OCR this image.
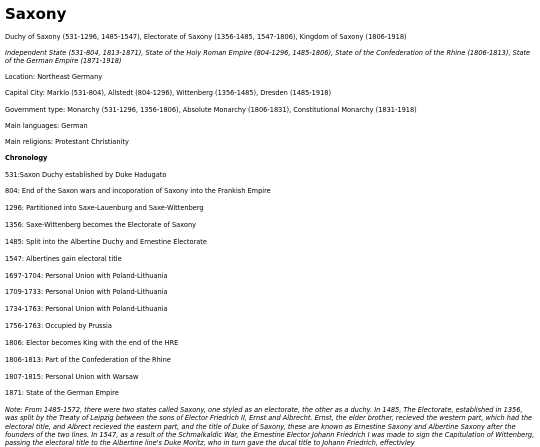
Saxony

Duchy of Saxony (531-1296, 1485-1547), Electorate of Saxony (1356-1485, 1547-1806), Kingdom of Saxony (1806-1918)

Independent State (531-804, 1813-1871), State of the Holy Roman Empire (804-1296, 1485-1806), State of the Confederation of the Rhine (1806-1813), State of the German Empire (1871-1918)

Location: Northeast Germany

Capital City: Marklo (531-804), Allstedt (804-1296), Wittenberg (1356-1485), Dresden (1485-1918)

Government type: Monarchy (531-1296, 1356-1806), Absolute Monarchy (1806-1831), Constitutional Monarchy (1831-1918)

Main languages: German

Main religions: Protestant Christianity

Chronology
531:Saxon Duchy established by Duke Hadugato
804: End of the Saxon wars and incoporation of Saxony into the Frankish Empire
1296: Partitioned into Saxe-Lauenburg and Saxe-Wittenberg
1356: Saxe-Wittenberg becomes the Electorate of Saxony
1485: Split into the Albertine Duchy and Ernestine Electorate
1547: Albertines gain electoral title
1697-1704: Personal Union with Poland-Lithuania
1709-1733: Personal Union with Poland-Lithuania
1734-1763: Personal Union with Poland-Lithuania
1756-1763: Occupied by Prussia
1806: Elector becomes King with the end of the HRE
1806-1813: Part of the Confederation of the Rhine
1807-1815: Personal Union with Warsaw
1871: State of the German Empire

Note: From 1485-1572, there were two states called Saxony, one styled as an electorate, the other as a duchy. In 1485, The Electorate, established in 1356, was split by the Treaty of Leipzig between the sons of Elector Friedrich II, Ernst and Albrecht. Ernst, the elder brother, recieved the western part, which had the electoral title, and Albrect recieved the eastern part, and the title of Duke of Saxony, these are known as Ernestine Saxony and Albertine Saxony after the founders of the two lines. In 1547, as a result of the Schmalkaldic War, the Ernestine Elector Johann Friedrich I was made to sign the Capitulation of Wittenberg, passing the electoral title to the Albertine line's Duke Moritz, who in turn gave the ducal title to Johann Friedrich, effectivley
